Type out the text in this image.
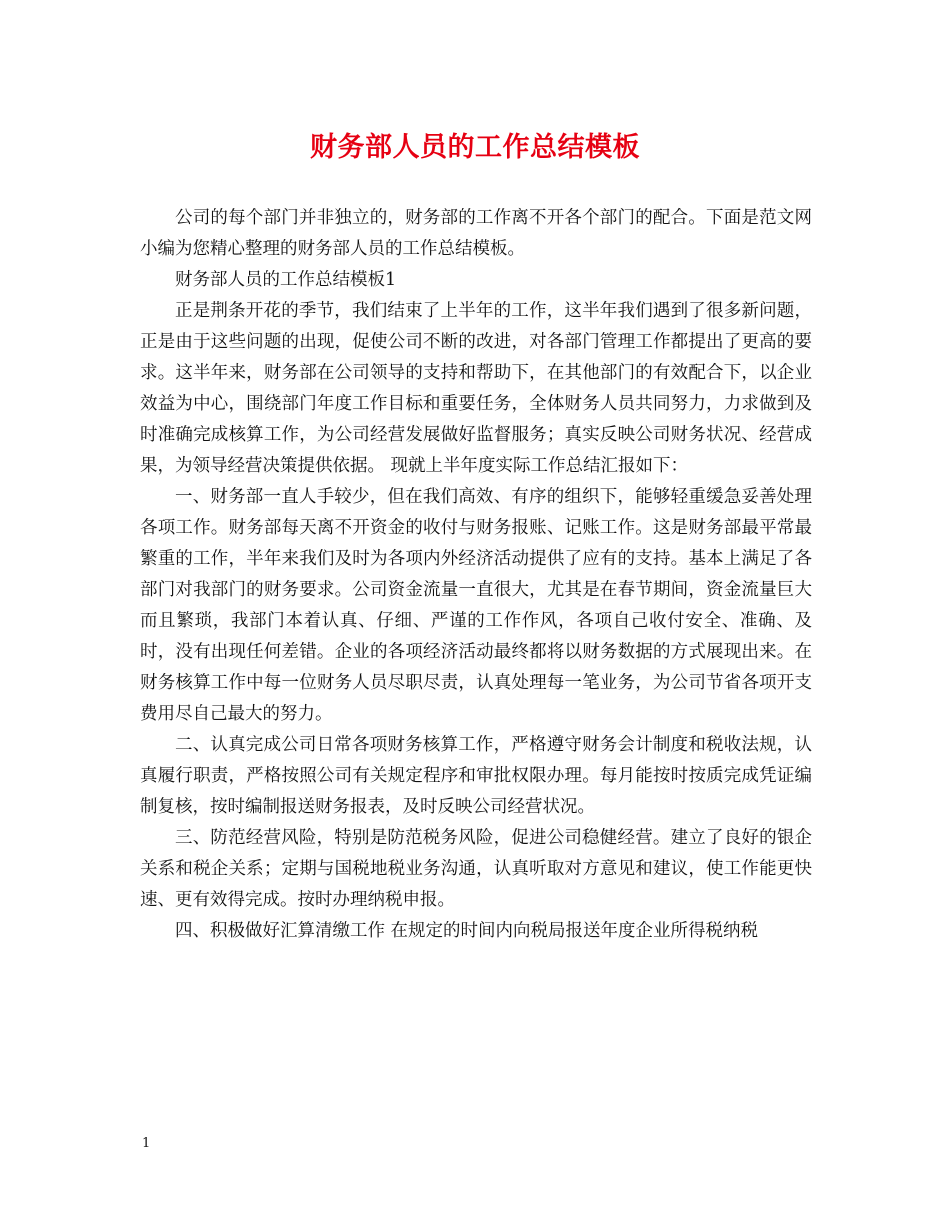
财务部人员的工作总结模板

公司的每个部门并非独立的，财务部的工作离不开各个部门的配合。下面是范文网小编为您精心整理的财务部人员的工作总结模板。

财务部人员的工作总结模板1

正是荆条开花的季节，我们结束了上半年的工作，这半年我们遇到了很多新问题，正是由于这些问题的出现，促使公司不断的改进，对各部门管理工作都提出了更高的要求。这半年来，财务部在公司领导的支持和帮助下，在其他部门的有效配合下，以企业效益为中心，围绕部门年度工作目标和重要任务，全体财务人员共同努力，力求做到及时准确完成核算工作，为公司经营发展做好监督服务；真实反映公司财务状况、经营成果，为领导经营决策提供依据。 现就上半年度实际工作总结汇报如下：

一、财务部一直人手较少，但在我们高效、有序的组织下，能够轻重缓急妥善处理各项工作。财务部每天离不开资金的收付与财务报账、记账工作。这是财务部最平常最繁重的工作，半年来我们及时为各项内外经济活动提供了应有的支持。基本上满足了各部门对我部门的财务要求。公司资金流量一直很大，尤其是在春节期间，资金流量巨大而且繁琐，我部门本着认真、仔细、严谨的工作作风，各项自己收付安全、准确、及时，没有出现任何差错。企业的各项经济活动最终都将以财务数据的方式展现出来。在财务核算工作中每一位财务人员尽职尽责，认真处理每一笔业务，为公司节省各项开支费用尽自己最大的努力。

二、认真完成公司日常各项财务核算工作，严格遵守财务会计制度和税收法规，认真履行职责，严格按照公司有关规定程序和审批权限办理。每月能按时按质完成凭证编制复核，按时编制报送财务报表，及时反映公司经营状况。

三、防范经营风险，特别是防范税务风险，促进公司稳健经营。建立了良好的银企关系和税企关系；定期与国税地税业务沟通，认真听取对方意见和建议，使工作能更快速、更有效得完成。按时办理纳税申报。

四、积极做好汇算清缴工作 在规定的时间内向税局报送年度企业所得税纳税

1
